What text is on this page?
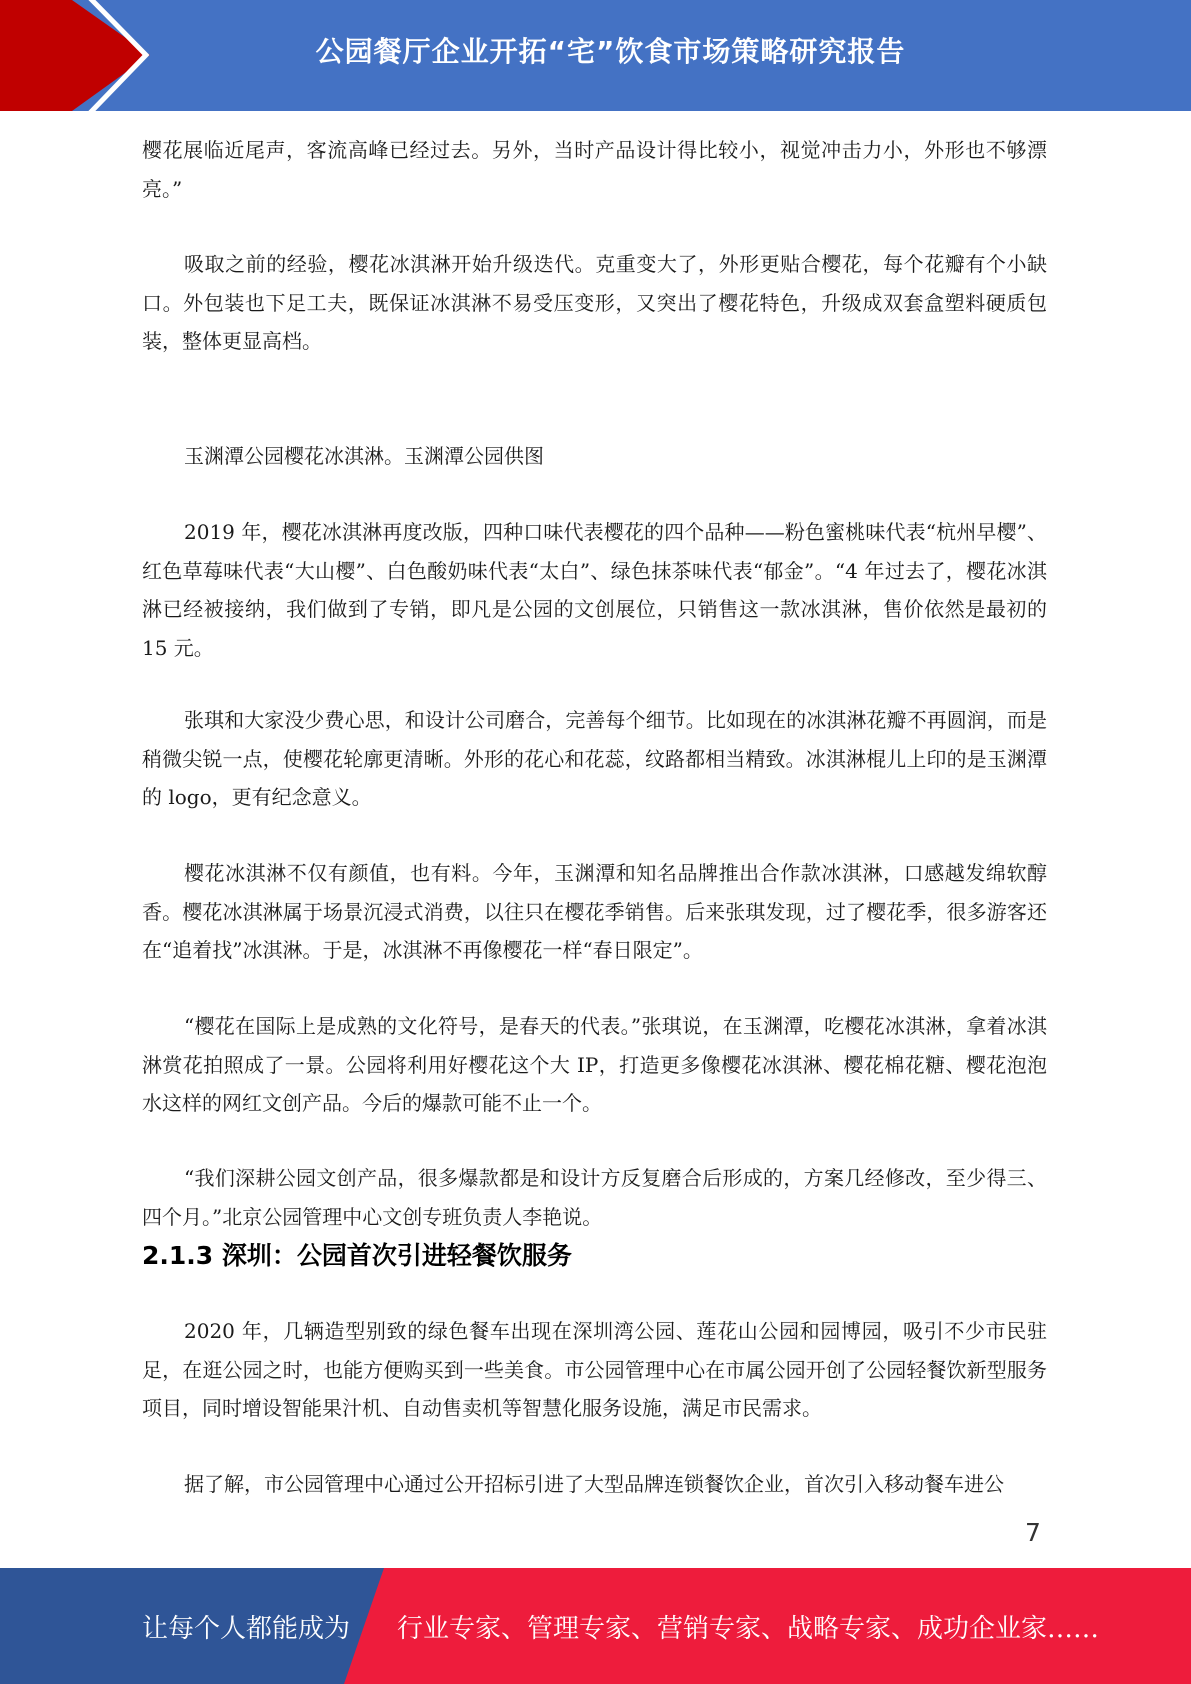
公园餐厅企业开拓“宅”饮食市场策略研究报告

樱花展临近尾声，客流高峰已经过去。另外，当时产品设计得比较小，视觉冲击力小，外形也不够漂亮。”

吸取之前的经验，樱花冰淇淋开始升级迭代。克重变大了，外形更贴合樱花，每个花瓣有个小缺口。外包装也下足工夫，既保证冰淇淋不易受压变形，又突出了樱花特色，升级成双套盒塑料硬质包装，整体更显高档。

玉渊潭公园樱花冰淇淋。玉渊潭公园供图

2019 年，樱花冰淇淋再度改版，四种口味代表樱花的四个品种——粉色蜜桃味代表“杭州早樱”、红色草莓味代表“大山樱”、白色酸奶味代表“太白”、绿色抹茶味代表“郁金”。“4 年过去了，樱花冰淇淋已经被接纳，我们做到了专销，即凡是公园的文创展位，只销售这一款冰淇淋，售价依然是最初的 15 元。

张琪和大家没少费心思，和设计公司磨合，完善每个细节。比如现在的冰淇淋花瓣不再圆润，而是稍微尖锐一点，使樱花轮廓更清晰。外形的花心和花蕊，纹路都相当精致。冰淇淋棍儿上印的是玉渊潭的 logo，更有纪念意义。

樱花冰淇淋不仅有颜值，也有料。今年，玉渊潭和知名品牌推出合作款冰淇淋，口感越发绵软醇香。樱花冰淇淋属于场景沉浸式消费，以往只在樱花季销售。后来张琪发现，过了樱花季，很多游客还在“追着找”冰淇淋。于是，冰淇淋不再像樱花一样“春日限定”。

“樱花在国际上是成熟的文化符号，是春天的代表。”张琪说，在玉渊潭，吃樱花冰淇淋，拿着冰淇淋赏花拍照成了一景。公园将利用好樱花这个大 IP，打造更多像樱花冰淇淋、樱花棉花糖、樱花泡泡水这样的网红文创产品。今后的爆款可能不止一个。

“我们深耕公园文创产品，很多爆款都是和设计方反复磨合后形成的，方案几经修改，至少得三、四个月。”北京公园管理中心文创专班负责人李艳说。

2.1.3 深圳：公园首次引进轻餐饮服务

2020 年，几辆造型别致的绿色餐车出现在深圳湾公园、莲花山公园和园博园，吸引不少市民驻足，在逛公园之时，也能方便购买到一些美食。市公园管理中心在市属公园开创了公园轻餐饮新型服务项目，同时增设智能果汁机、自动售卖机等智慧化服务设施，满足市民需求。

据了解，市公园管理中心通过公开招标引进了大型品牌连锁餐饮企业，首次引入移动餐车进公

7
让每个人都能成为 行业专家、管理专家、营销专家、战略专家、成功企业家……
